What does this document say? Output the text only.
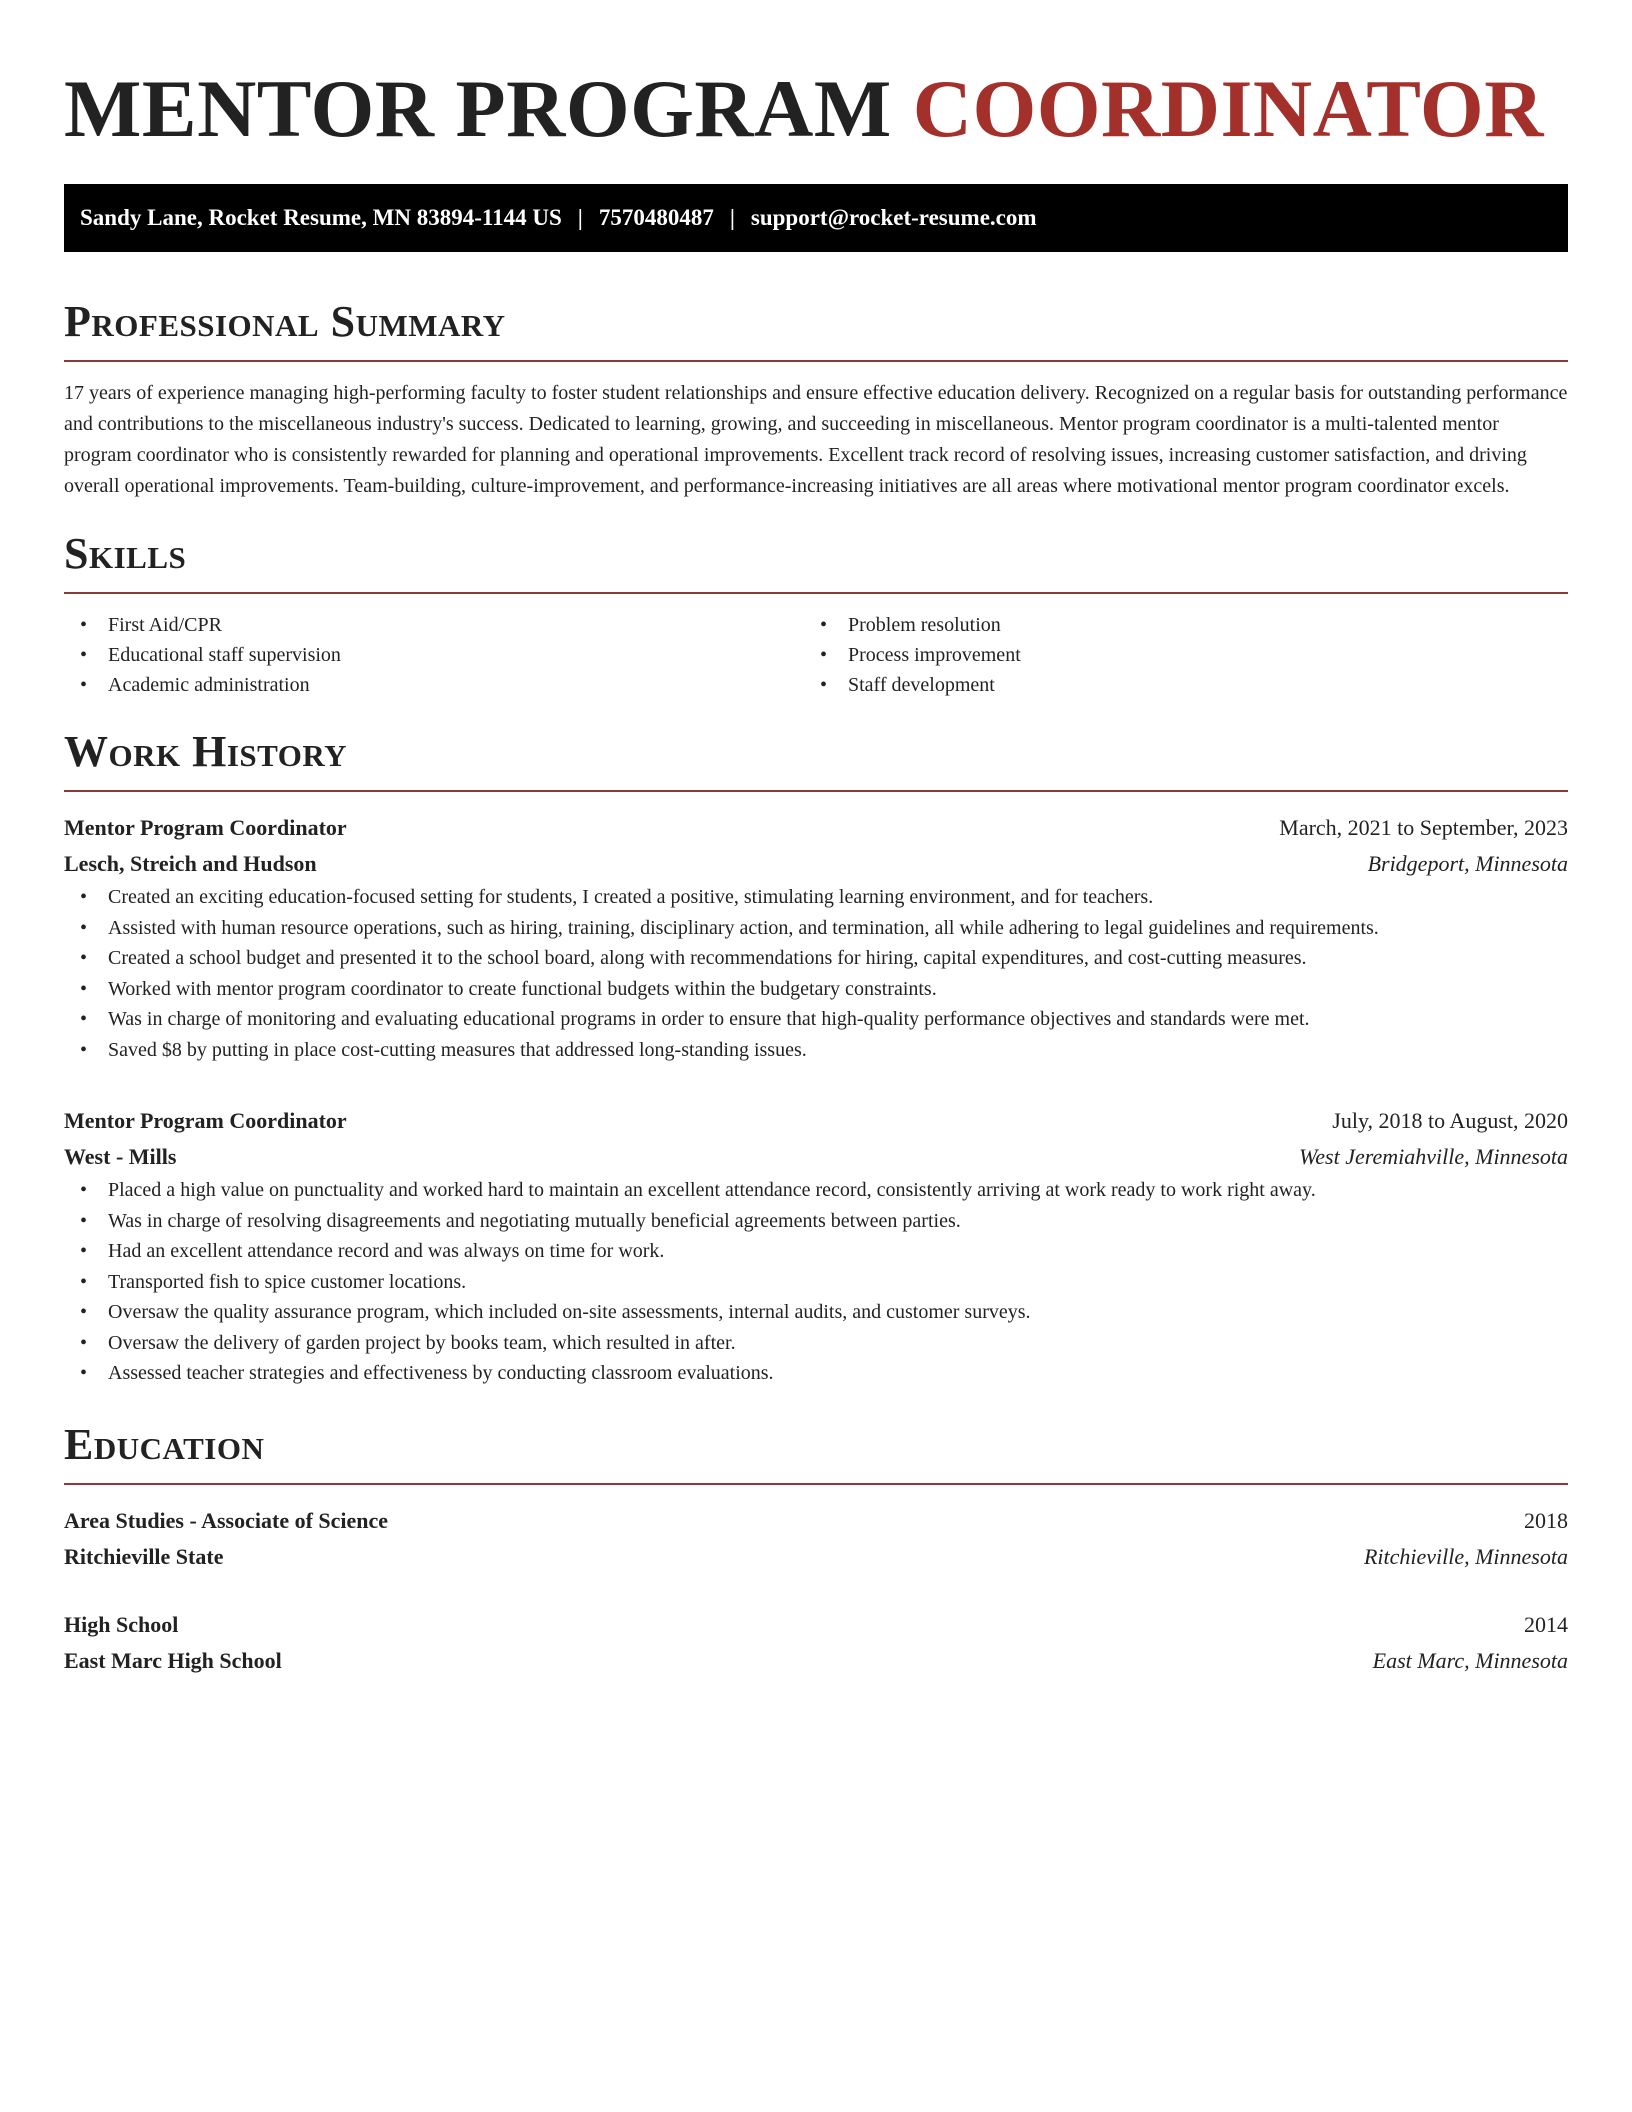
MENTOR PROGRAM COORDINATOR
Sandy Lane, Rocket Resume, MN 83894-1144 US | 7570480487 | support@rocket-resume.com
Professional Summary

17 years of experience managing high-performing faculty to foster student relationships and ensure effective education delivery. Recognized on a regular basis for outstanding performance and contributions to the miscellaneous industry's success. Dedicated to learning, growing, and succeeding in miscellaneous. Mentor program coordinator is a multi-talented mentor program coordinator who is consistently rewarded for planning and operational improvements. Excellent track record of resolving issues, increasing customer satisfaction, and driving overall operational improvements. Team-building, culture-improvement, and performance-increasing initiatives are all areas where motivational mentor program coordinator excels.

Skills
• First Aid/CPR
• Educational staff supervision
• Academic administration
• Problem resolution
• Process improvement
• Staff development
Work History
Mentor Program Coordinator	March, 2021 to September, 2023
Lesch, Streich and Hudson	Bridgeport, Minnesota
• Created an exciting education-focused setting for students, I created a positive, stimulating learning environment, and for teachers.
• Assisted with human resource operations, such as hiring, training, disciplinary action, and termination, all while adhering to legal guidelines and requirements.
• Created a school budget and presented it to the school board, along with recommendations for hiring, capital expenditures, and cost-cutting measures.
• Worked with mentor program coordinator to create functional budgets within the budgetary constraints.
• Was in charge of monitoring and evaluating educational programs in order to ensure that high-quality performance objectives and standards were met.
• Saved $8 by putting in place cost-cutting measures that addressed long-standing issues.
Mentor Program Coordinator	July, 2018 to August, 2020
West - Mills	West Jeremiahville, Minnesota
• Placed a high value on punctuality and worked hard to maintain an excellent attendance record, consistently arriving at work ready to work right away.
• Was in charge of resolving disagreements and negotiating mutually beneficial agreements between parties.
• Had an excellent attendance record and was always on time for work.
• Transported fish to spice customer locations.
• Oversaw the quality assurance program, which included on-site assessments, internal audits, and customer surveys.
• Oversaw the delivery of garden project by books team, which resulted in after.
• Assessed teacher strategies and effectiveness by conducting classroom evaluations.
Education
Area Studies - Associate of Science	2018
Ritchieville State	Ritchieville, Minnesota
High School	2014
East Marc High School	East Marc, Minnesota
